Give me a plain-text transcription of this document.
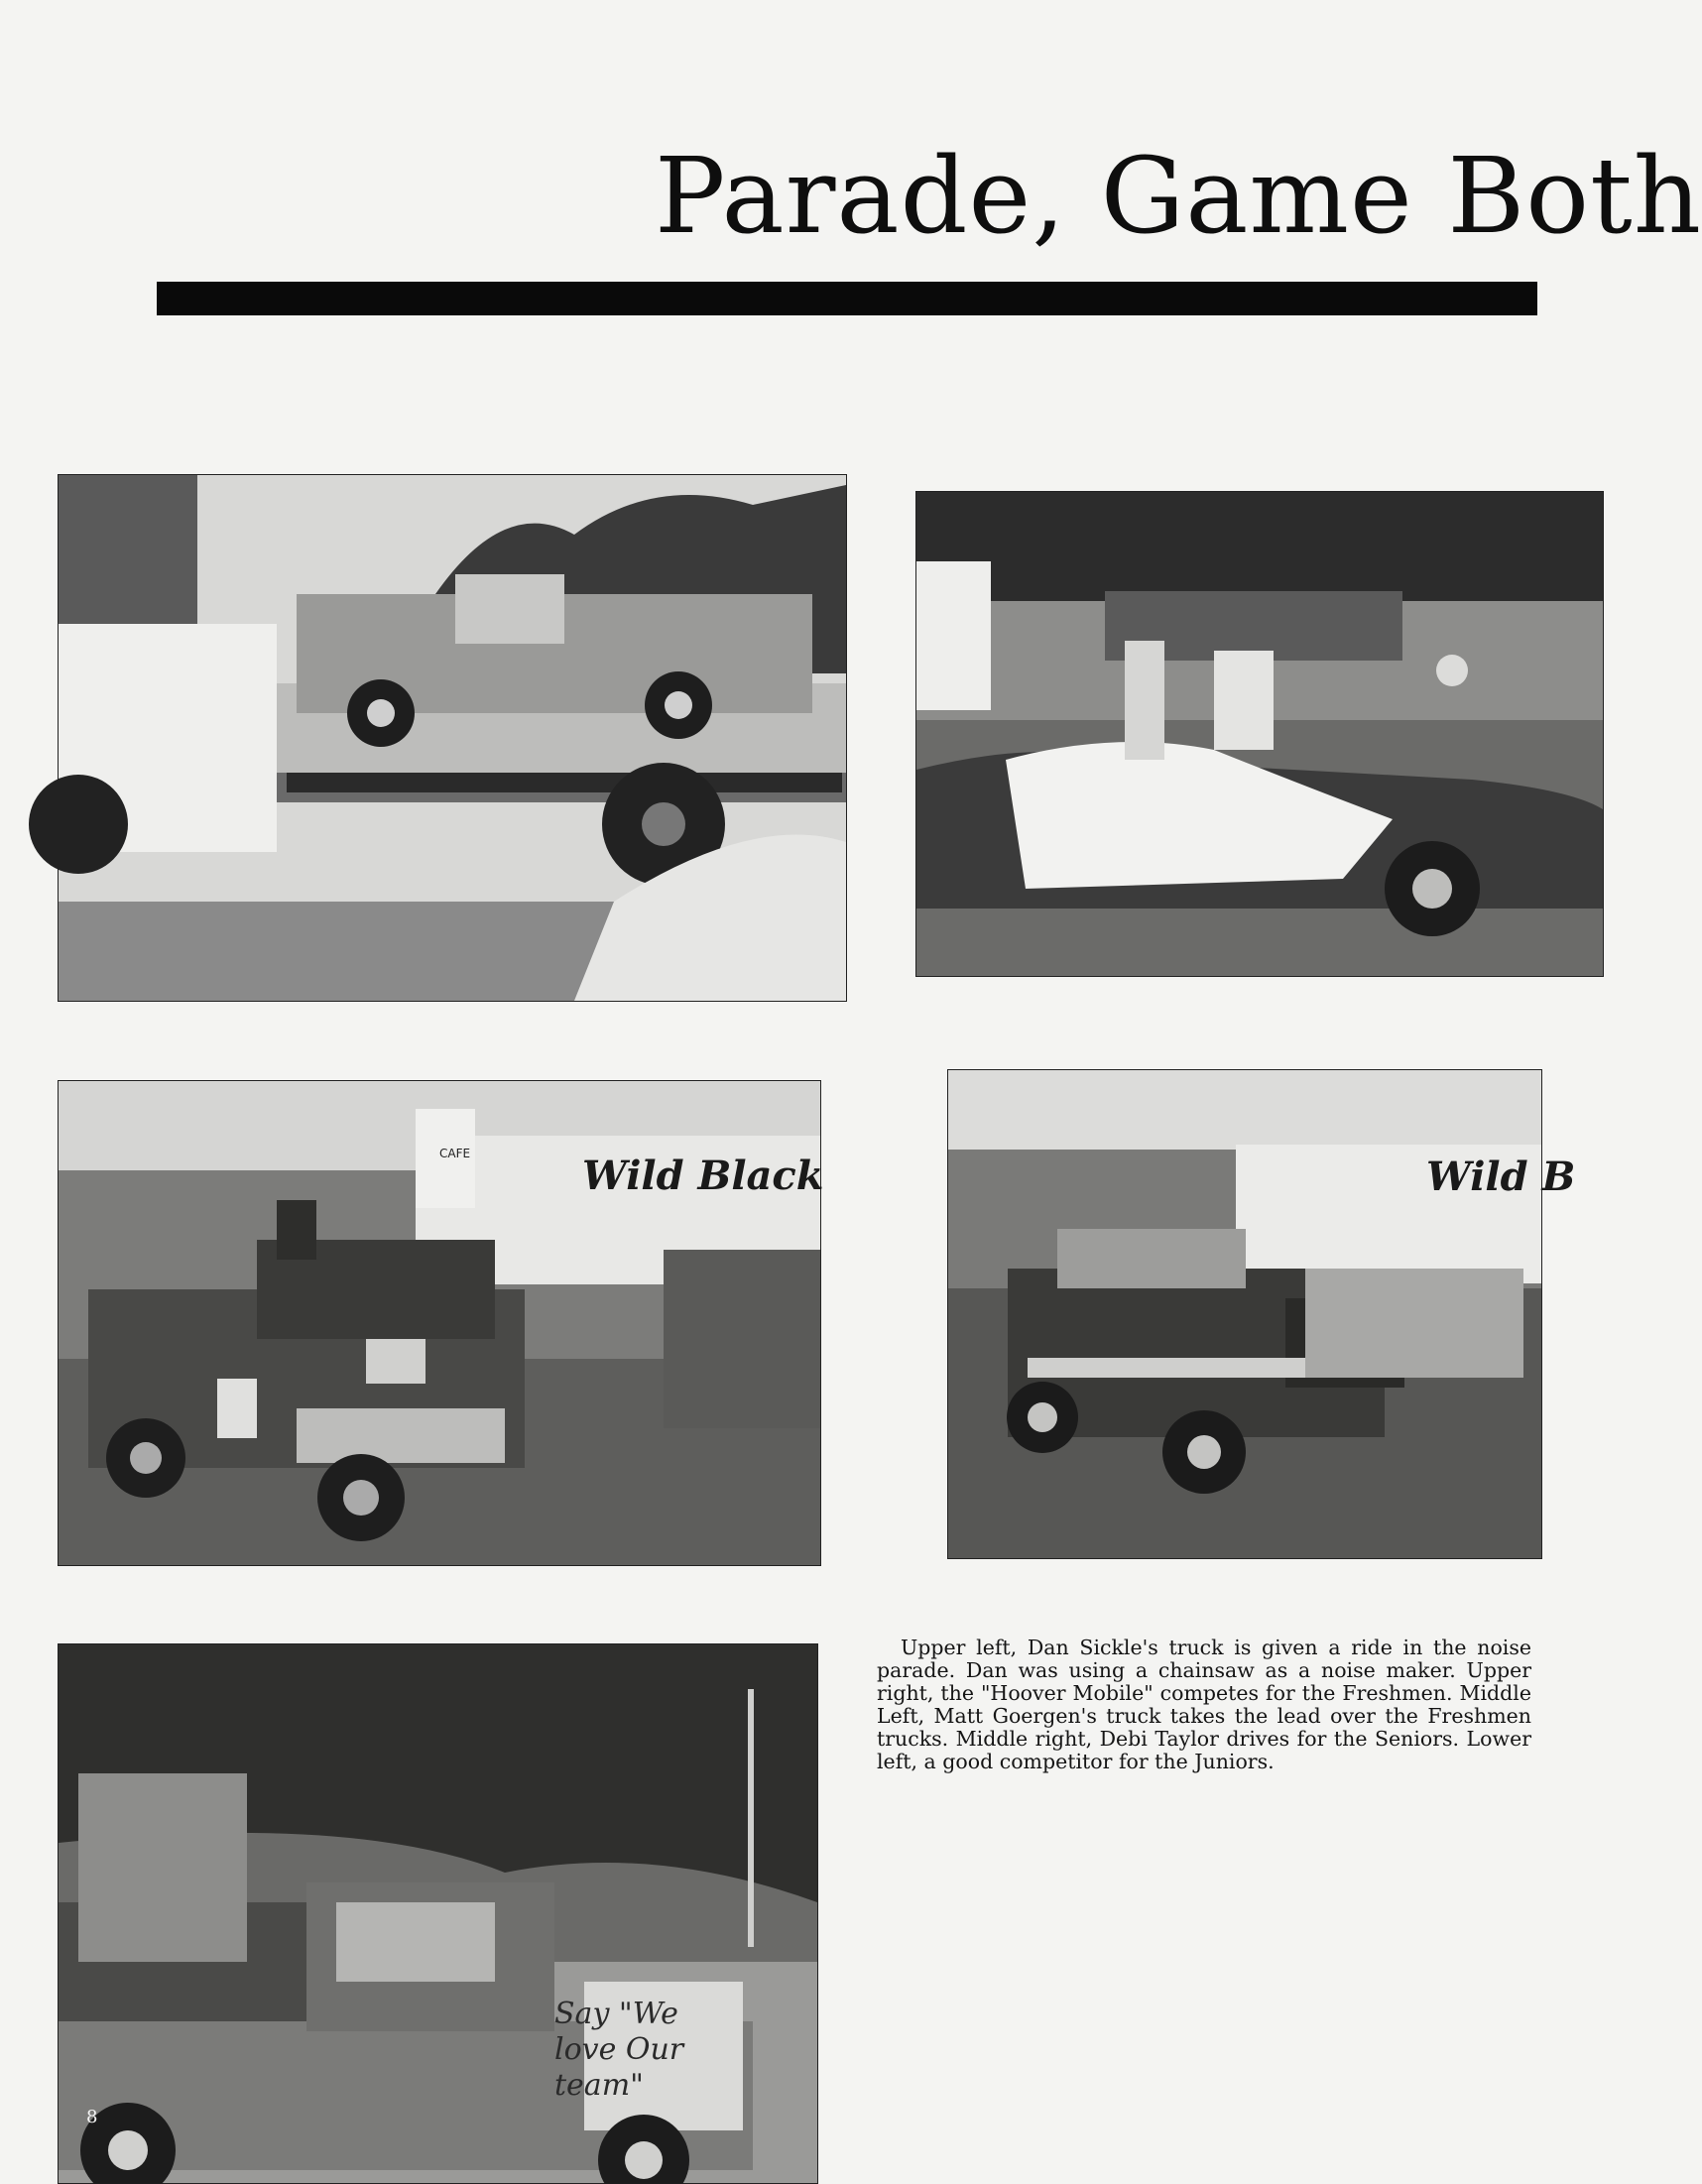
Parade, Game Both
Wild Black
CAFE	Wild B
Say "We love Our team"
8

Upper left, Dan Sickle's truck is given a ride in the noise parade. Dan was using a chainsaw as a noise maker. Upper right, the "Hoover Mobile" competes for the Freshmen. Middle Left, Matt Goergen's truck takes the lead over the Freshmen trucks. Middle right, Debi Taylor drives for the Seniors. Lower left, a good competitor for the Juniors.
